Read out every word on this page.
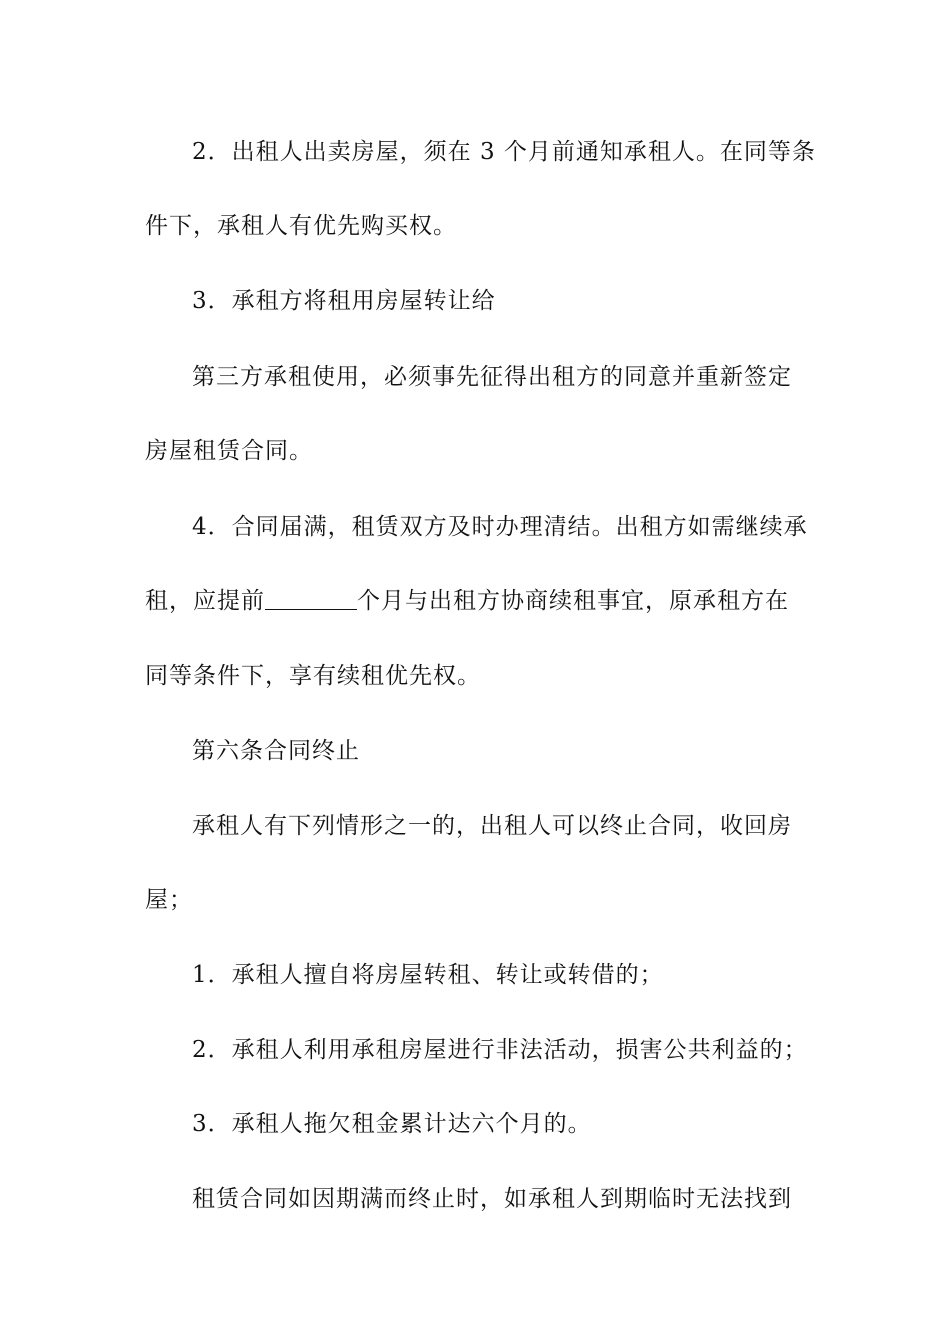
2．出租人出卖房屋，须在 3 个月前通知承租人。在同等条
件下，承租人有优先购买权。
3．承租方将租用房屋转让给
第三方承租使用，必须事先征得出租方的同意并重新签定
房屋租赁合同。
4．合同届满，租赁双方及时办理清结。出租方如需继续承
租，应提前	个月与出租方协商续租事宜，原承租方在
同等条件下，享有续租优先权。
第六条合同终止
承租人有下列情形之一的，出租人可以终止合同，收回房
屋；
1．承租人擅自将房屋转租、转让或转借的；
2．承租人利用承租房屋进行非法活动，损害公共利益的；
3．承租人拖欠租金累计达六个月的。
租赁合同如因期满而终止时，如承租人到期临时无法找到
